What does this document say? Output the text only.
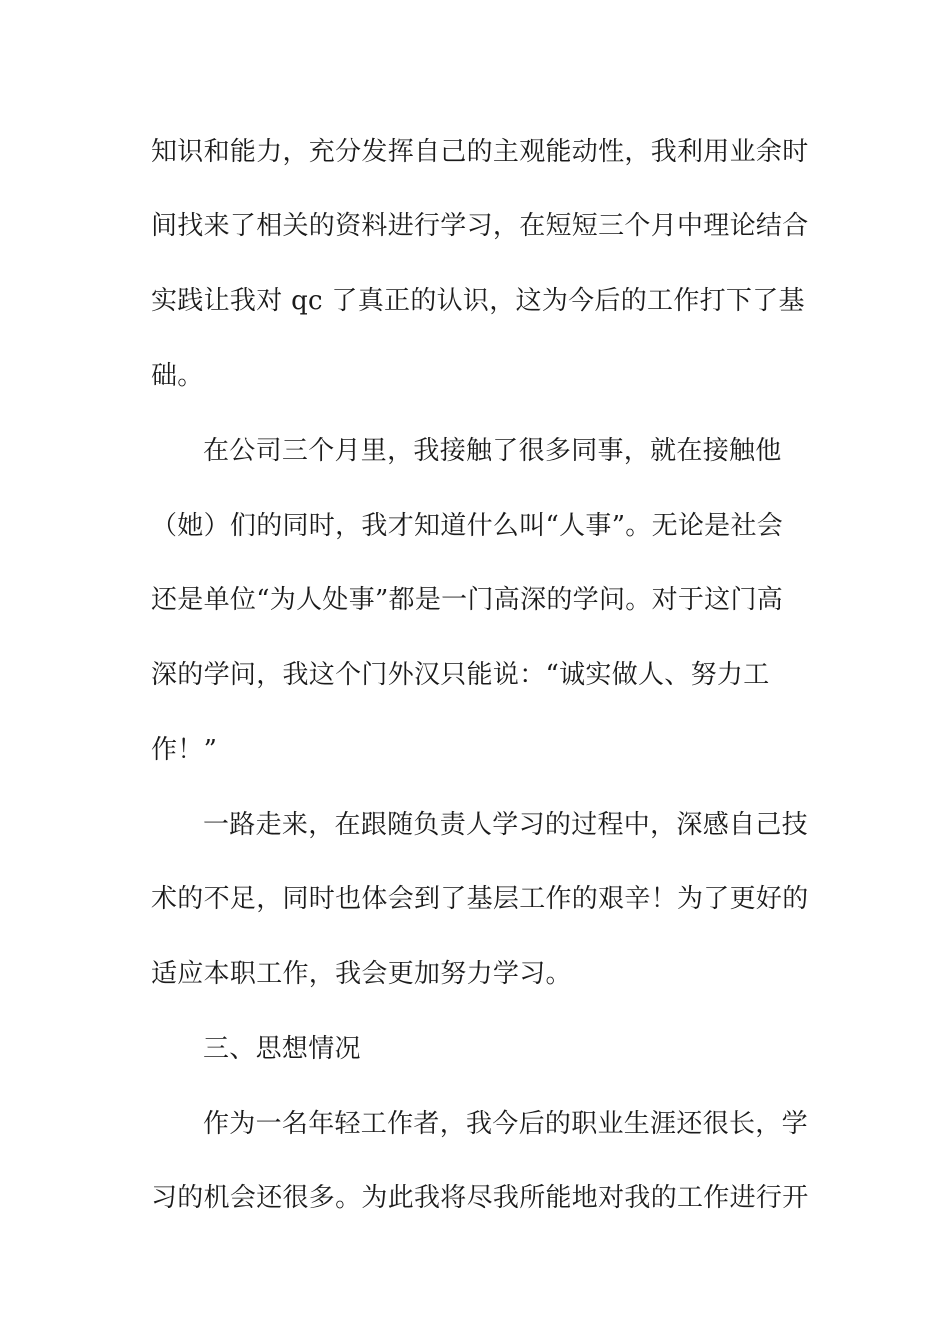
知识和能力，充分发挥自己的主观能动性，我利用业余时
间找来了相关的资料进行学习，在短短三个月中理论结合
实践让我对 qc 了真正的认识，这为今后的工作打下了基
础。
在公司三个月里，我接触了很多同事，就在接触他
（她）们的同时，我才知道什么叫“人事”。无论是社会
还是单位“为人处事”都是一门高深的学问。对于这门高
深的学问，我这个门外汉只能说：“诚实做人、努力工
作！”
一路走来，在跟随负责人学习的过程中，深感自己技
术的不足，同时也体会到了基层工作的艰辛！为了更好的
适应本职工作，我会更加努力学习。
三、思想情况
作为一名年轻工作者，我今后的职业生涯还很长，学
习的机会还很多。为此我将尽我所能地对我的工作进行开
